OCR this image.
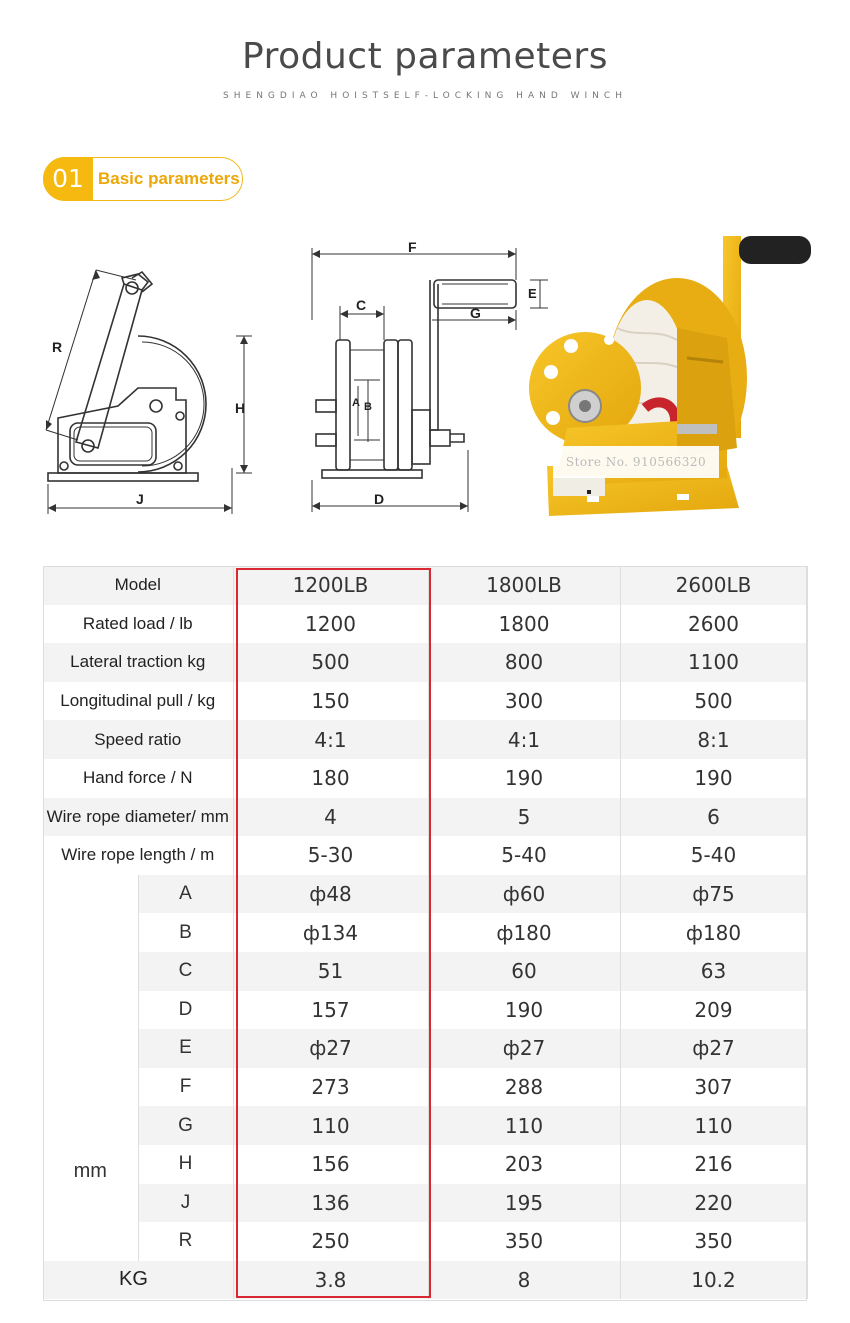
Product parameters
SHENGDIAO HOISTSELF-LOCKING HAND WINCH
01 Basic parameters
R
H
J
F
C
E
G
A B
D
Store No. 910566320
Model		1200LB	1800LB	2600LB
Rated load / lb		1200	1800	2600
Lateral traction kg		500	800	1100
Longitudinal pull / kg		150	300	500
Speed ratio		4:1	4:1	8:1
Hand force / N		180	190	190
Wire rope diameter/ mm		4	5	6
Wire rope length / m		5-30	5-40	5-40
mm	A	ф48	ф60	ф75
	B	ф134	ф180	ф180
	C	51	60	63
	D	157	190	209
	E	ф27	ф27	ф27
	F	273	288	307
	G	110	110	110
	H	156	203	216
	J	136	195	220
	R	250	350	350
KG		3.8	8	10.2
